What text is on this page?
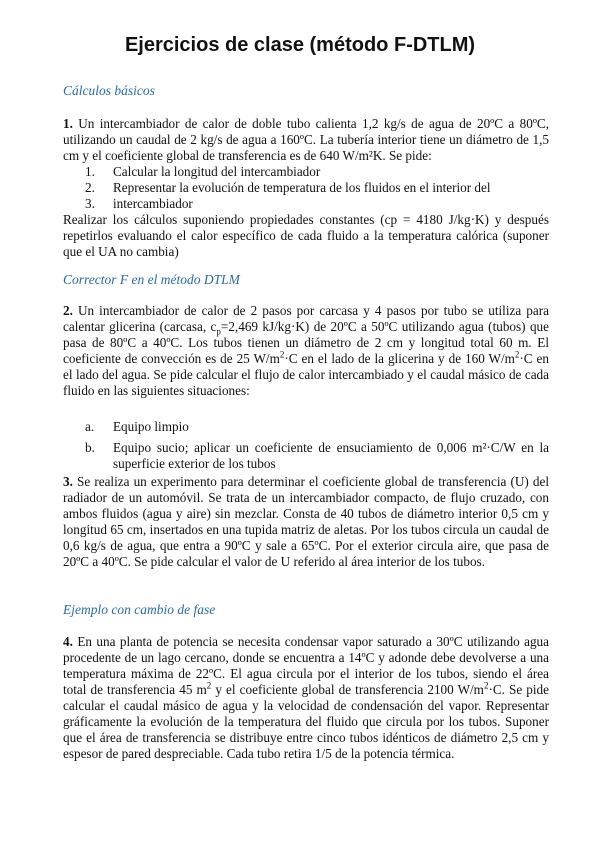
Ejercicios de clase (método F-DTLM)

Cálculos básicos

1. Un intercambiador de calor de doble tubo calienta 1,2 kg/s de agua de 20ºC a 80ºC, utilizando un caudal de 2 kg/s de agua a 160ºC. La tubería interior tiene un diámetro de 1,5 cm y el coeficiente global de transferencia es de 640 W/m²K. Se pide:

1. Calcular la longitud del intercambiador

2. Representar la evolución de temperatura de los fluidos en el interior del

3. intercambiador

Realizar los cálculos suponiendo propiedades constantes (cp = 4180 J/kg·K) y después repetirlos evaluando el calor específico de cada fluido a la temperatura calórica (suponer que el UA no cambia)

Corrector F en el método DTLM

2. Un intercambiador de calor de 2 pasos por carcasa y 4 pasos por tubo se utiliza para calentar glicerina (carcasa, $c_p=2,469$ kJ/kg·K) de 20ºC a 50ºC utilizando agua (tubos) que pasa de 80ºC a 40ºC. Los tubos tienen un diámetro de 2 cm y longitud total 60 m. El coeficiente de convección es de 25 $W/m^2\cdot C$ en el lado de la glicerina y de 160 $W/m^2\cdot C$ en el lado del agua. Se pide calcular el flujo de calor intercambiado y el caudal másico de cada fluido en las siguientes situaciones:

a. Equipo limpio

b. Equipo sucio; aplicar un coeficiente de ensuciamiento de 0,006 m²·C/W en la superficie exterior de los tubos

3. Se realiza un experimento para determinar el coeficiente global de transferencia (U) del radiador de un automóvil. Se trata de un intercambiador compacto, de flujo cruzado, con ambos fluidos (agua y aire) sin mezclar. Consta de 40 tubos de diámetro interior 0,5 cm y longitud 65 cm, insertados en una tupida matriz de aletas. Por los tubos circula un caudal de 0,6 kg/s de agua, que entra a 90ºC y sale a 65ºC. Por el exterior circula aire, que pasa de 20ºC a 40ºC. Se pide calcular el valor de U referido al área interior de los tubos.

Ejemplo con cambio de fase

4. En una planta de potencia se necesita condensar vapor saturado a 30ºC utilizando agua procedente de un lago cercano, donde se encuentra a 14ºC y adonde debe devolverse a una temperatura máxima de 22ºC. El agua circula por el interior de los tubos, siendo el área total de transferencia 45 $m^2$ y el coeficiente global de transferencia 2100 $W/m^2\cdot C$. Se pide calcular el caudal másico de agua y la velocidad de condensación del vapor. Representar gráficamente la evolución de la temperatura del fluido que circula por los tubos. Suponer que el área de transferencia se distribuye entre cinco tubos idénticos de diámetro 2,5 cm y espesor de pared despreciable. Cada tubo retira 1/5 de la potencia térmica.
